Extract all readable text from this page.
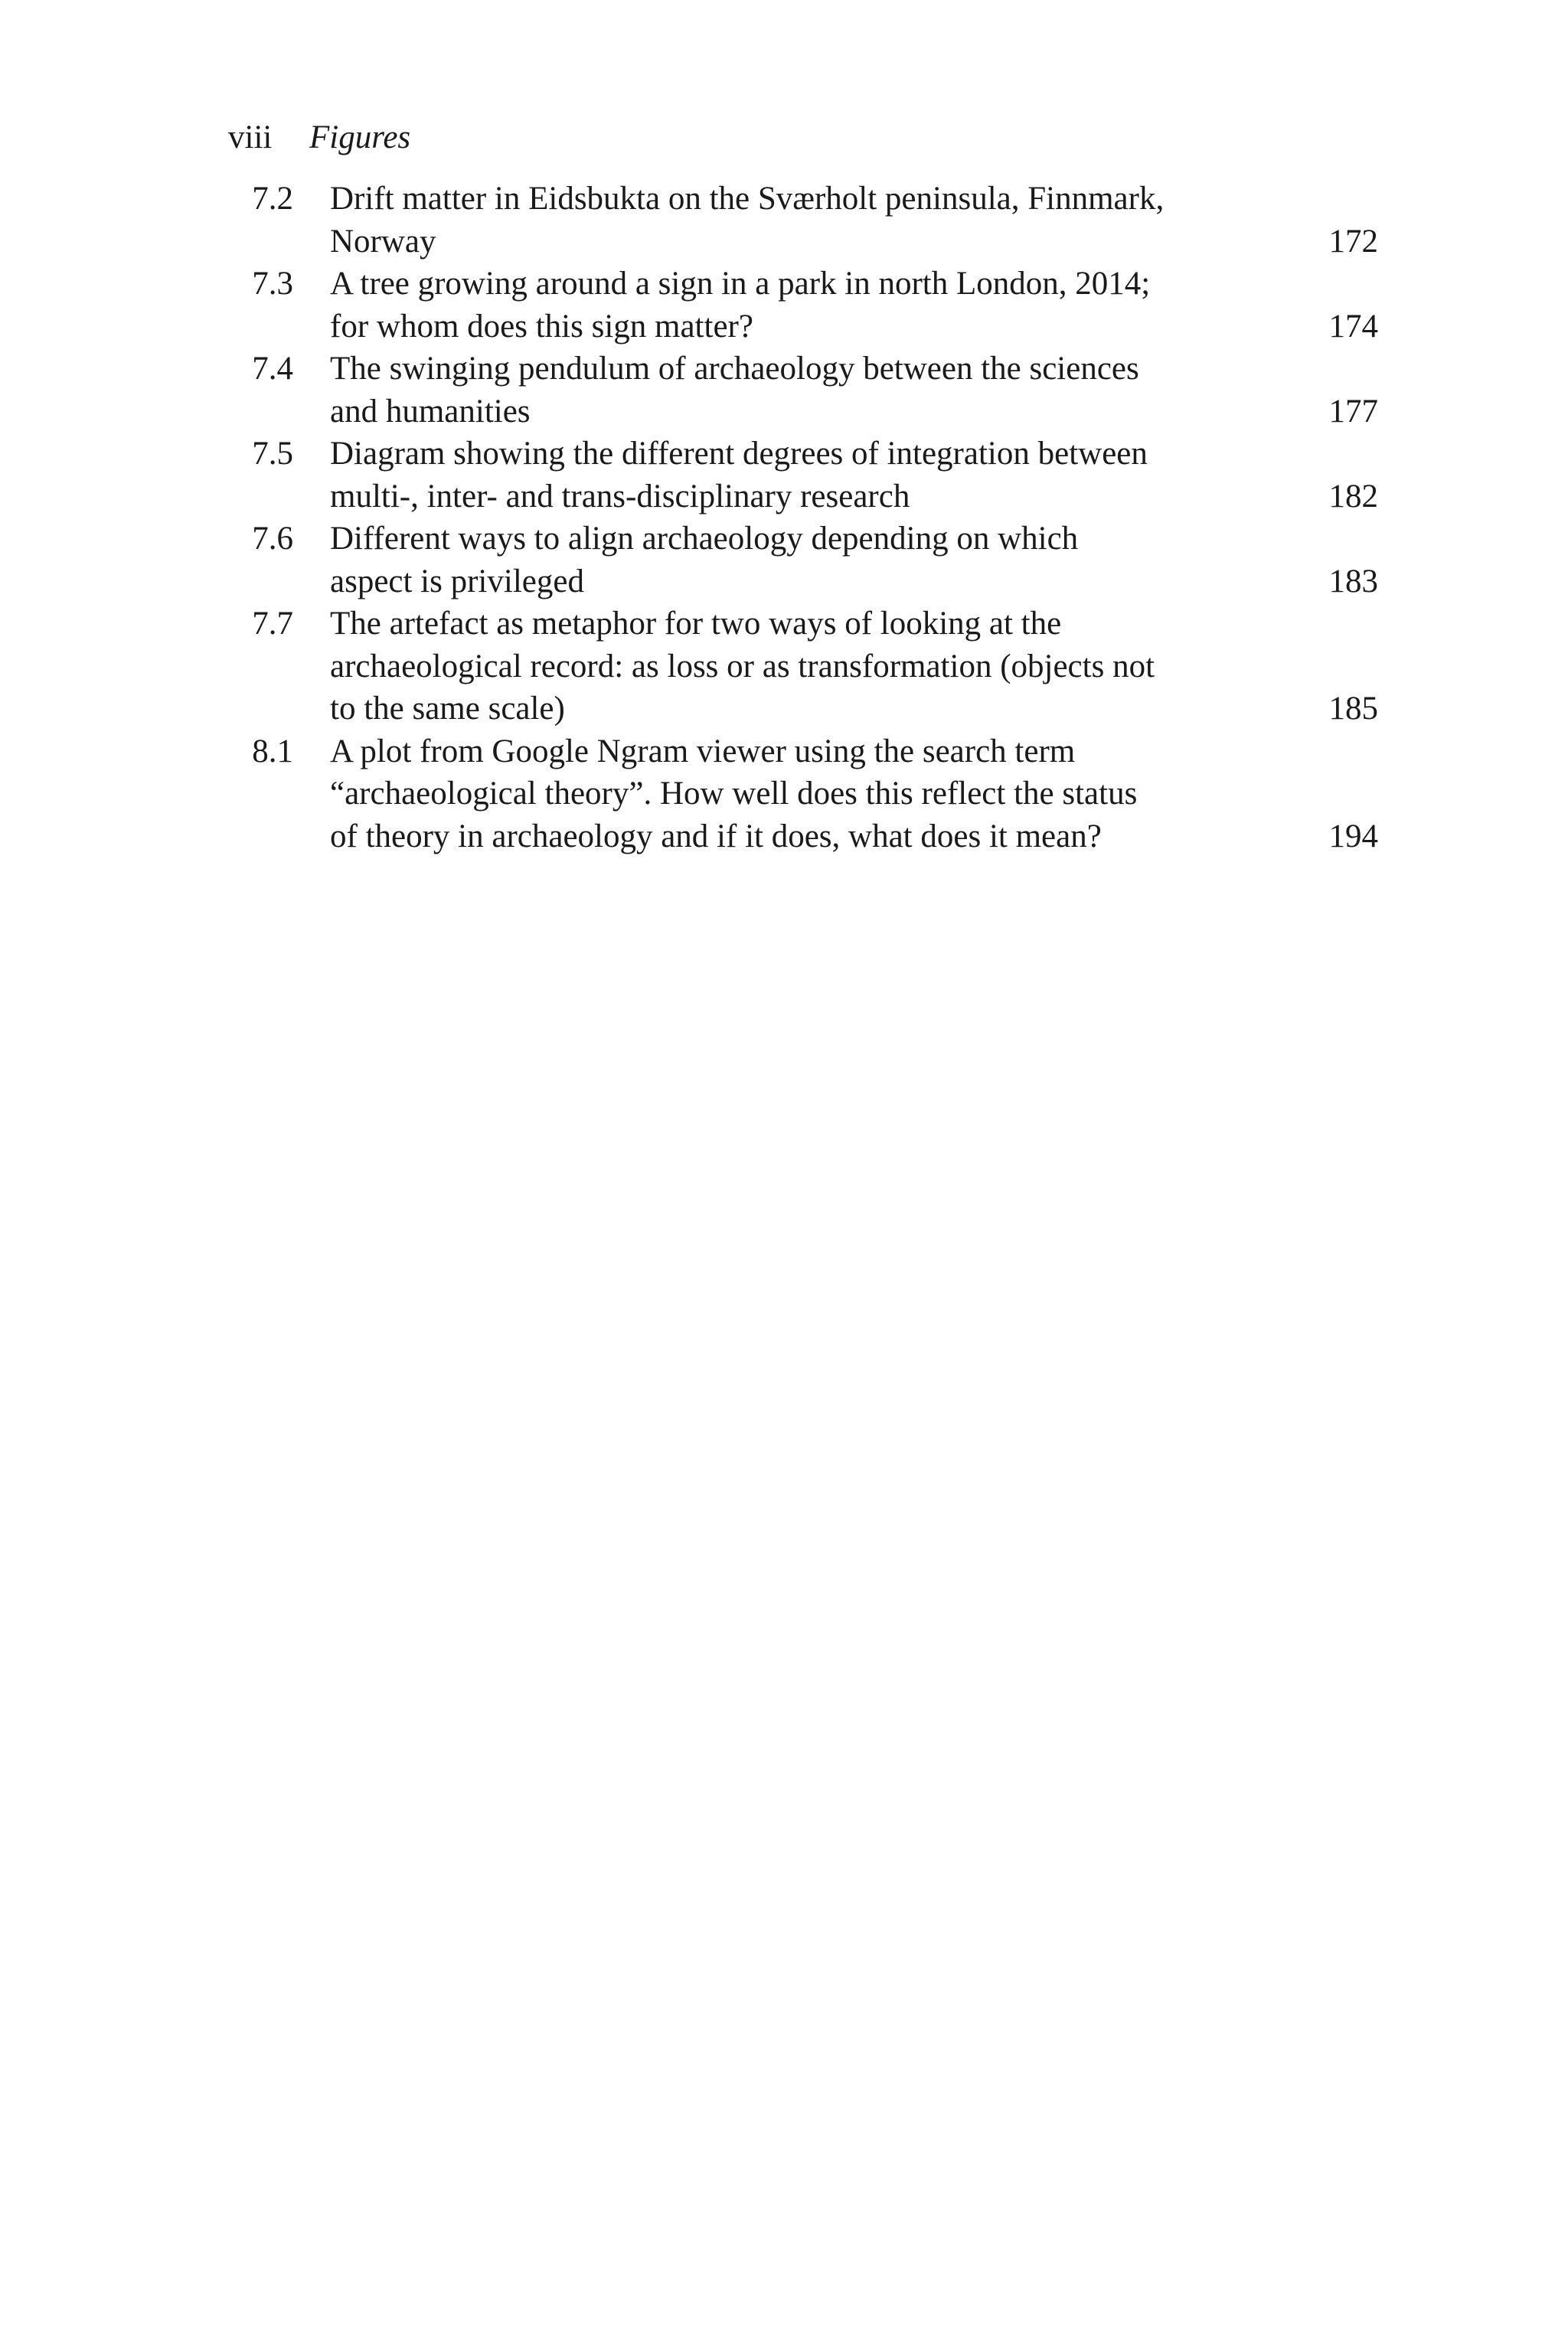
viii	Figures
7.2	Drift matter in Eidsbukta on the Sværholt peninsula, Finnmark,
Norway	172
7.3	A tree growing around a sign in a park in north London, 2014;
for whom does this sign matter?	174
7.4	The swinging pendulum of archaeology between the sciences
and humanities	177
7.5	Diagram showing the different degrees of integration between
multi-, inter- and trans-disciplinary research	182
7.6	Different ways to align archaeology depending on which
aspect is privileged	183
7.7	The artefact as metaphor for two ways of looking at the
archaeological record: as loss or as transformation (objects not
to the same scale)	185
8.1	A plot from Google Ngram viewer using the search term
“archaeological theory”. How well does this reflect the status
of theory in archaeology and if it does, what does it mean?	194
